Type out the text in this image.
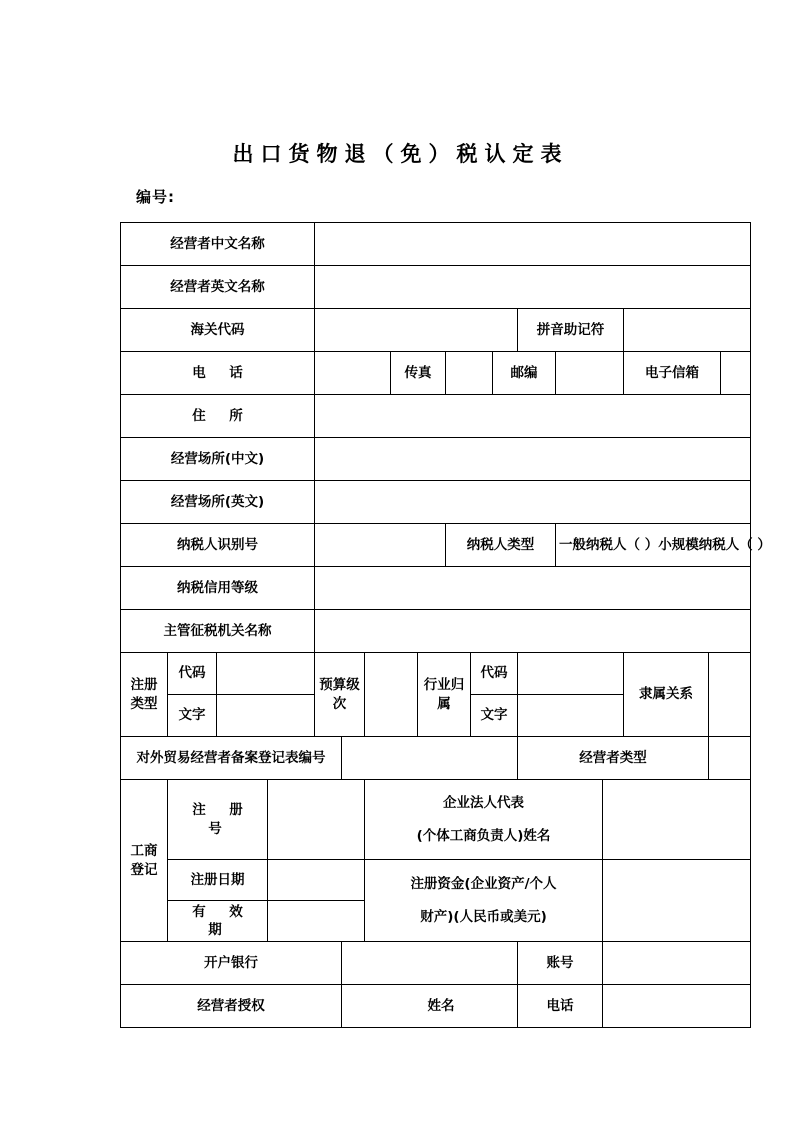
出口货物退（免）税认定表
编号:
经营者中文名称																	
经营者英文名称																	
海关代码												拼音助记符					
电　话							传真				邮编				电子信箱		
住　所																	
经营场所(中文)																	
经营场所(英文)																	
纳税人识别号									纳税人类型				一般纳税人（ ）小规模纳税人（ ）				
纳税信用等级																	
主管征税机关名称																	
注册类型	代码			预算级次				行业归属		代码					隶属关系		
	文字									文字							
对外贸易经营者备案登记表编号												经营者类型					
工商登记	注　册　号					企业法人代表
(个体工商负责人)姓名											

	注册日期					注册资金(企业资产/个人
财产)(人民币或美元)											

	有　效　期																
开户银行												账号					
经营者授权					姓名							电话					
